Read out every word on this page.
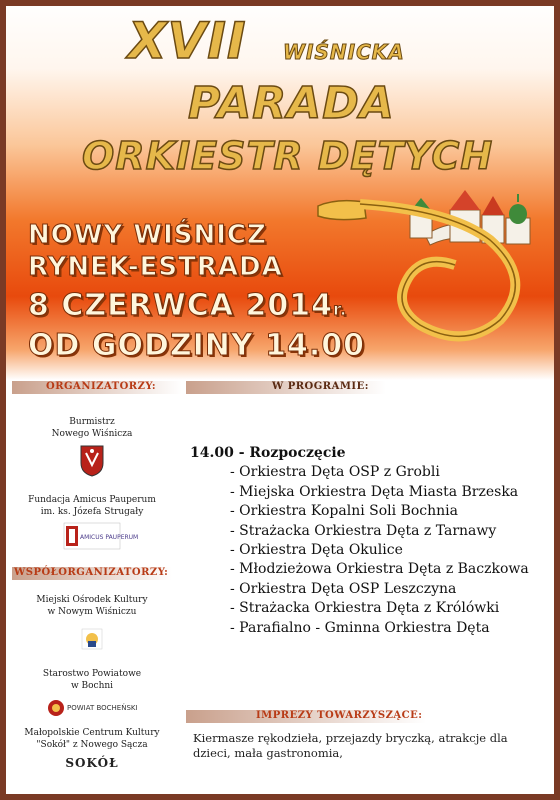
XVII WIŚNICKA
PARADA
ORKIESTR DĘTYCH
NOWY WIŚNICZ
RYNEK-ESTRADA
8 CZERWCA 2014r.
OD GODZINY 14.00
ORGANIZATORZY:	W PROGRAMIE:
Burmistrz
Nowego Wiśnicza
Fundacja Amicus Pauperum
im. ks. Józefa Strugały
AMICUS PAUPERUM
WSPÓŁORGANIZATORZY:
Miejski Ośrodek Kultury
w Nowym Wiśniczu
Starostwo Powiatowe
w Bochni
POWIAT BOCHEŃSKI
Małopolskie Centrum Kultury
"Sokół" z Nowego Sącza
SOKÓŁ
14.00 - Rozpoczęcie
- Orkiestra Dęta OSP z Grobli
- Miejska Orkiestra Dęta Miasta Brzeska
- Orkiestra Kopalni Soli Bochnia
- Strażacka Orkiestra Dęta z Tarnawy
- Orkiestra Dęta Okulice
- Młodzieżowa Orkiestra Dęta z Baczkowa
- Orkiestra Dęta OSP Leszczyna
- Strażacka Orkiestra Dęta z Królówki
- Parafialno - Gminna Orkiestra Dęta
IMPREZY TOWARZYSZĄCE:
Kiermasze rękodzieła, przejazdy bryczką, atrakcje dla dzieci, mała gastronomia,
